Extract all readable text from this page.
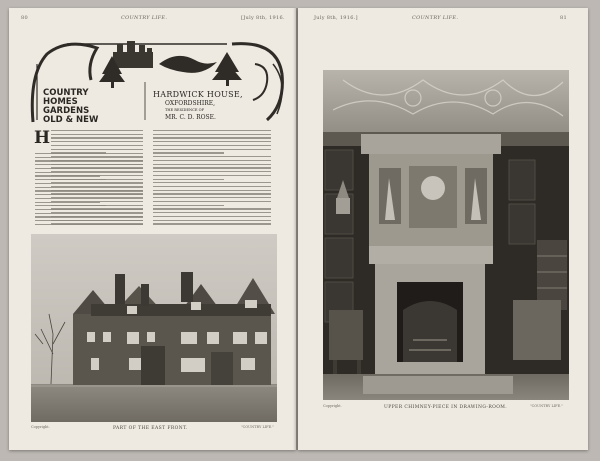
80	COUNTRY LIFE.	[July 8th, 1916.
COUNTRY
HOMES
GARDENS
OLD & NEW
HARDWICK HOUSE,
OXFORDSHIRE,
THE RESIDENCE OF
MR. C. D. ROSE.
H
Copyright.	PART OF THE EAST FRONT.	"COUNTRY LIFE."
July 8th, 1916.]	COUNTRY LIFE.	81
Copyright.	UPPER CHIMNEY-PIECE IN DRAWING-ROOM.	"COUNTRY LIFE."
